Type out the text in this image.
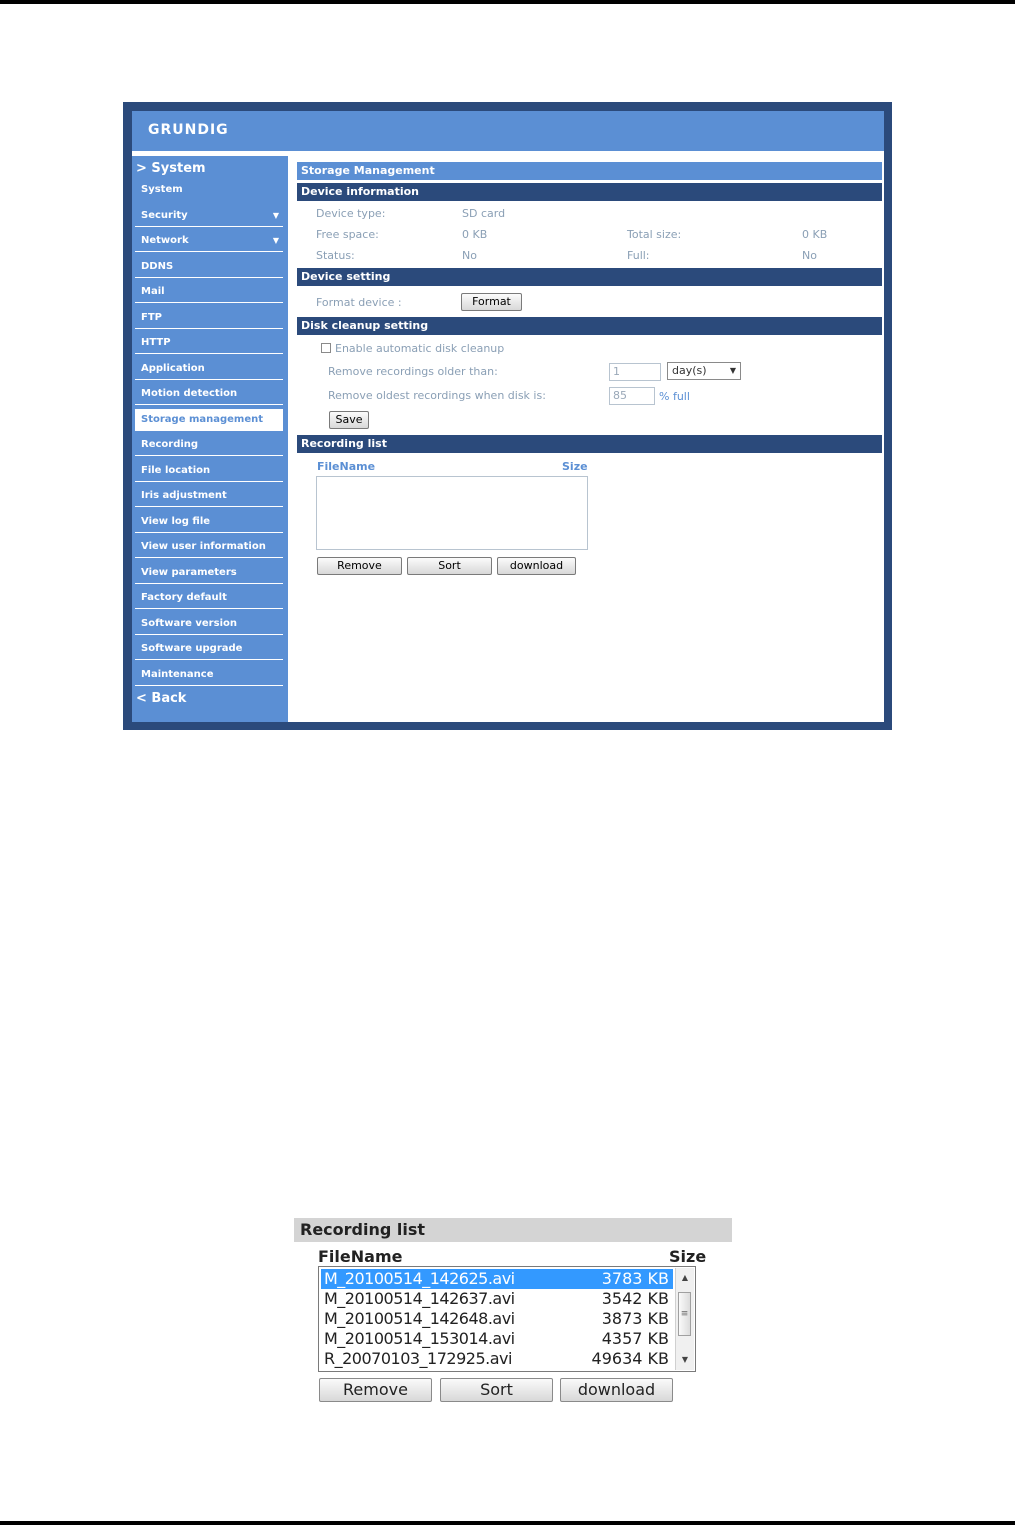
GRUNDIG
> System
System
Security	▼
Network	▼
DDNS
Mail
FTP
HTTP
Application
Motion detection
Storage management
Recording
File location
Iris adjustment
View log file
View user information
View parameters
Factory default
Software version
Software upgrade
Maintenance
< Back
Storage Management
Device information
Device type:	SD card
Free space:	0 KB	Total size:	0 KB
Status:	No	Full:	No
Device setting
Format device :	Format
Disk cleanup setting
Enable automatic disk cleanup
Remove recordings older than:	1	day(s)	▼
Remove oldest recordings when disk is:	85	% full
Save
Recording list
FileName	Size
Remove	Sort	download
Recording list
FileName	Size
M_20100514_142625.avi	3783 KB
M_20100514_142637.avi	3542 KB
M_20100514_142648.avi	3873 KB
M_20100514_153014.avi	4357 KB
R_20070103_172925.avi	49634 KB
▲
≡
▼
Remove	Sort	download
